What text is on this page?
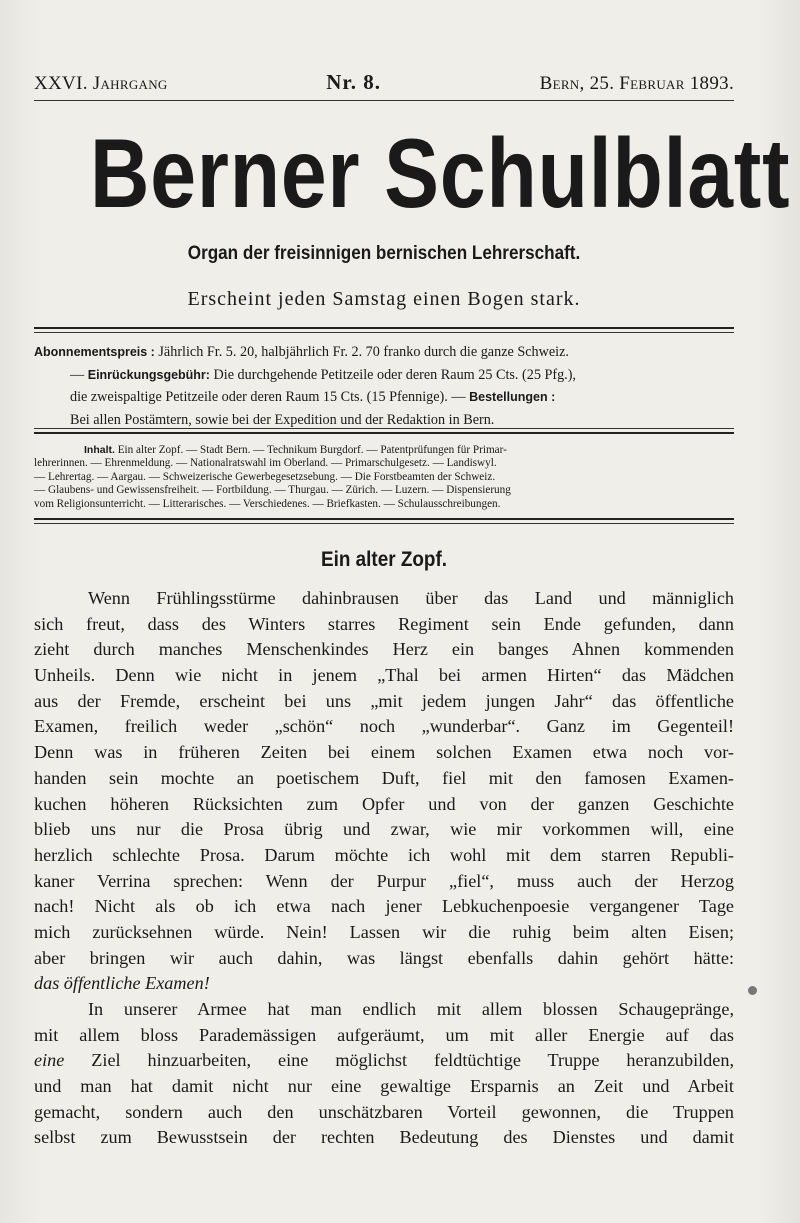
XXVI. Jahrgang	Nr. 8.	Bern, 25. Februar 1893.
Berner Schulblatt
Organ der freisinnigen bernischen Lehrerschaft.
Erscheint jeden Samstag einen Bogen stark.
Abonnementspreis : Jährlich Fr. 5. 20, halbjährlich Fr. 2. 70 franko durch die ganze Schweiz.
— Einrückungsgebühr: Die durchgehende Petitzeile oder deren Raum 25 Cts. (25 Pfg.),
die zweispaltige Petitzeile oder deren Raum 15 Cts. (15 Pfennige). — Bestellungen :
Bei allen Postämtern, sowie bei der Expedition und der Redaktion in Bern.
Inhalt. Ein alter Zopf. — Stadt Bern. — Technikum Burgdorf. — Patentprüfungen für Primar-
lehrerinnen. — Ehrenmeldung. — Nationalratswahl im Oberland. — Primarschulgesetz. — Landiswyl.
— Lehrertag. — Aargau. — Schweizerische Gewerbegesetzsebung. — Die Forstbeamten der Schweiz.
— Glaubens- und Gewissensfreiheit. — Fortbildung. — Thurgau. — Zürich. — Luzern. — Dispensierung
vom Religionsunterricht. — Litterarisches. — Verschiedenes. — Briefkasten. — Schulausschreibungen.
Ein alter Zopf.
Wenn Frühlingsstürme dahinbrausen über das Land und männiglich
sich freut, dass des Winters starres Regiment sein Ende gefunden, dann
zieht durch manches Menschenkindes Herz ein banges Ahnen kommenden
Unheils. Denn wie nicht in jenem „Thal bei armen Hirten“ das Mädchen
aus der Fremde, erscheint bei uns „mit jedem jungen Jahr“ das öffentliche
Examen, freilich weder „schön“ noch „wunderbar“. Ganz im Gegenteil!
Denn was in früheren Zeiten bei einem solchen Examen etwa noch vor-
handen sein mochte an poetischem Duft, fiel mit den famosen Examen-
kuchen höheren Rücksichten zum Opfer und von der ganzen Geschichte
blieb uns nur die Prosa übrig und zwar, wie mir vorkommen will, eine
herzlich schlechte Prosa. Darum möchte ich wohl mit dem starren Republi-
kaner Verrina sprechen: Wenn der Purpur „fiel“, muss auch der Herzog
nach! Nicht als ob ich etwa nach jener Lebkuchenpoesie vergangener Tage
mich zurücksehnen würde. Nein! Lassen wir die ruhig beim alten Eisen;
aber bringen wir auch dahin, was längst ebenfalls dahin gehört hätte:
das öffentliche Examen!
In unserer Armee hat man endlich mit allem blossen Schaugepränge,
mit allem bloss Parademässigen aufgeräumt, um mit aller Energie auf das
eine Ziel hinzuarbeiten, eine möglichst feldtüchtige Truppe heranzubilden,
und man hat damit nicht nur eine gewaltige Ersparnis an Zeit und Arbeit
gemacht, sondern auch den unschätzbaren Vorteil gewonnen, die Truppen
selbst zum Bewusstsein der rechten Bedeutung des Dienstes und damit
